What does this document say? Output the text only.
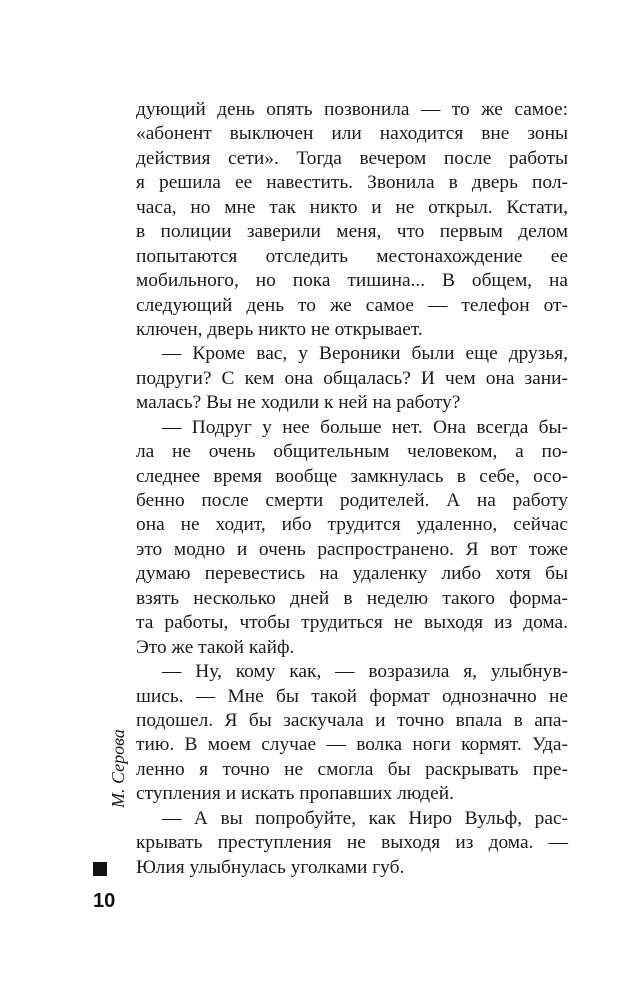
дующий день опять позвонила — то же самое:
«абонент выключен или находится вне зоны
действия сети». Тогда вечером после работы
я решила ее навестить. Звонила в дверь пол-
часа, но мне так никто и не открыл. Кстати,
в полиции заверили меня, что первым делом
попытаются отследить местонахождение ее
мобильного, но пока тишина... В общем, на
следующий день то же самое — телефон от-
ключен, дверь никто не открывает.
— Кроме вас, у Вероники были еще друзья,
подруги? С кем она общалась? И чем она зани-
малась? Вы не ходили к ней на работу?
— Подруг у нее больше нет. Она всегда бы-
ла не очень общительным человеком, а по-
следнее время вообще замкнулась в себе, осо-
бенно после смерти родителей. А на работу
она не ходит, ибо трудится удаленно, сейчас
это модно и очень распространено. Я вот тоже
думаю перевестись на удаленку либо хотя бы
взять несколько дней в неделю такого форма-
та работы, чтобы трудиться не выходя из дома.
Это же такой кайф.
— Ну, кому как, — возразила я, улыбнув-
шись. — Мне бы такой формат однозначно не
подошел. Я бы заскучала и точно впала в апа-
тию. В моем случае — волка ноги кормят. Уда-
ленно я точно не смогла бы раскрывать пре-
ступления и искать пропавших людей.
— А вы попробуйте, как Ниро Вульф, рас-
крывать преступления не выходя из дома. —
Юлия улыбнулась уголками губ.
М. Серова
10
